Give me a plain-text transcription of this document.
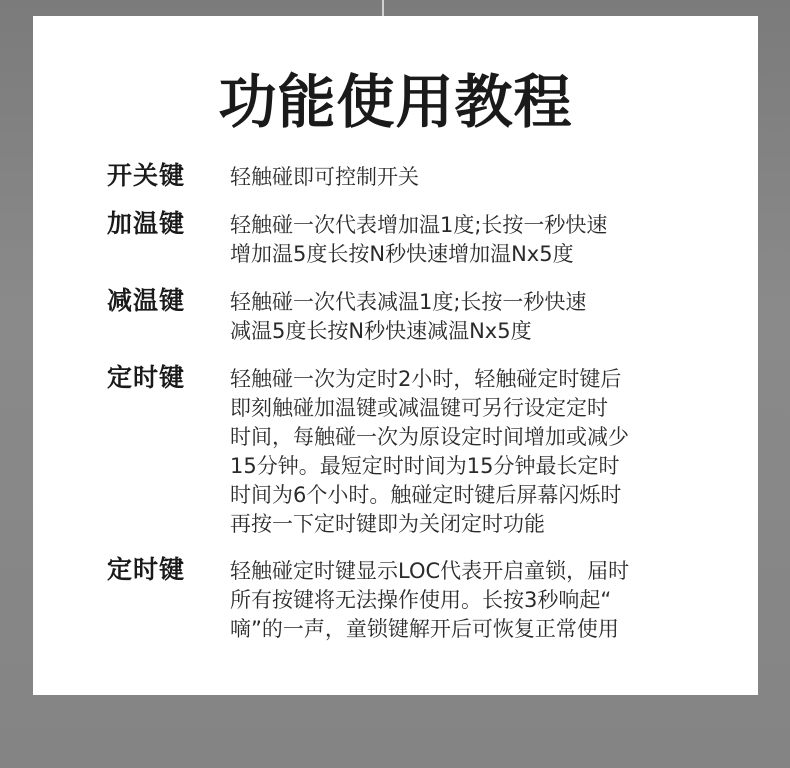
功能使用教程
开关键 轻触碰即可控制开关
加温键 轻触碰一次代表增加温1度;长按一秒快速
增加温5度长按N秒快速增加温Nx5度
减温键 轻触碰一次代表减温1度;长按一秒快速
减温5度长按N秒快速减温Nx5度
定时键 轻触碰一次为定时2小时，轻触碰定时键后
即刻触碰加温键或减温键可另行设定定时
时间，每触碰一次为原设定时间增加或减少
15分钟。最短定时时间为15分钟最长定时
时间为6个小时。触碰定时键后屏幕闪烁时
再按一下定时键即为关闭定时功能
定时键 轻触碰定时键显示LOC代表开启童锁，届时
所有按键将无法操作使用。长按3秒响起“
嘀”的一声，童锁键解开后可恢复正常使用
